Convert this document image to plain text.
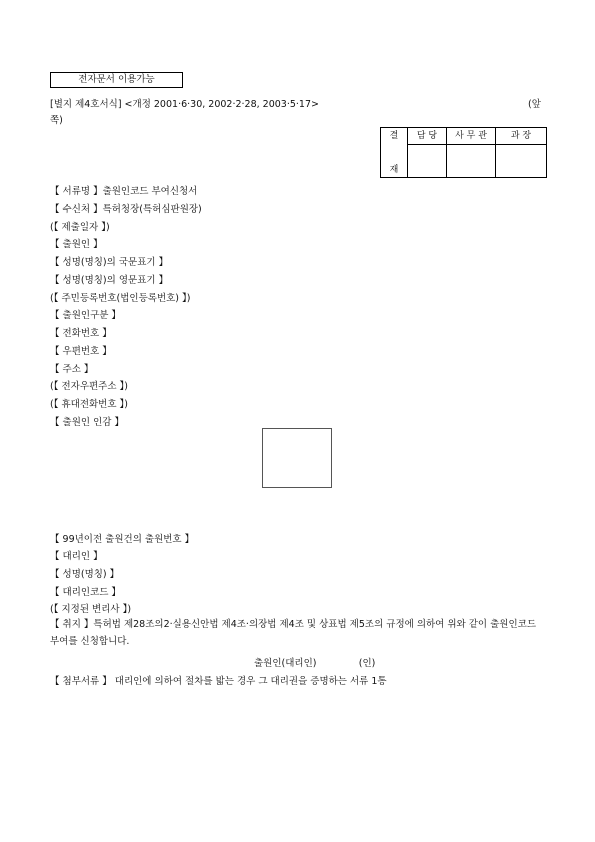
전자문서 이용가능
[별지 제4호서식] <개정 2001·6·30, 2002·2·28, 2003·5·17>	(앞
쪽)
결
재	담 당	사 무 관	과 장

【 서류명 】출원인코드 부여신청서
【 수신처 】특허청장(특허심판원장)
(【 제출일자 】)
【 출원인 】
【 성명(명칭)의 국문표기 】
【 성명(명칭)의 영문표기 】
(【 주민등록번호(법인등록번호) 】)
【 출원인구분 】
【 전화번호 】
【 우편번호 】
【 주소 】
(【 전자우편주소 】)
(【 휴대전화번호 】)
【 출원인 인감 】
【 99년이전 출원건의 출원번호 】
【 대리인 】
【 성명(명칭) 】
【 대리인코드 】
(【 지정된 변리사 】)
【 취지 】특허법 제28조의2·실용신안법 제4조·의장법 제4조 및 상표법 제5조의 규정에 의하여 위와 같이 출원인코드 부여를 신청합니다.
출원인(대리인)              (인)
【 첨부서류 】 대리인에 의하여 절차를 밟는 경우 그 대리권을 증명하는 서류 1통
